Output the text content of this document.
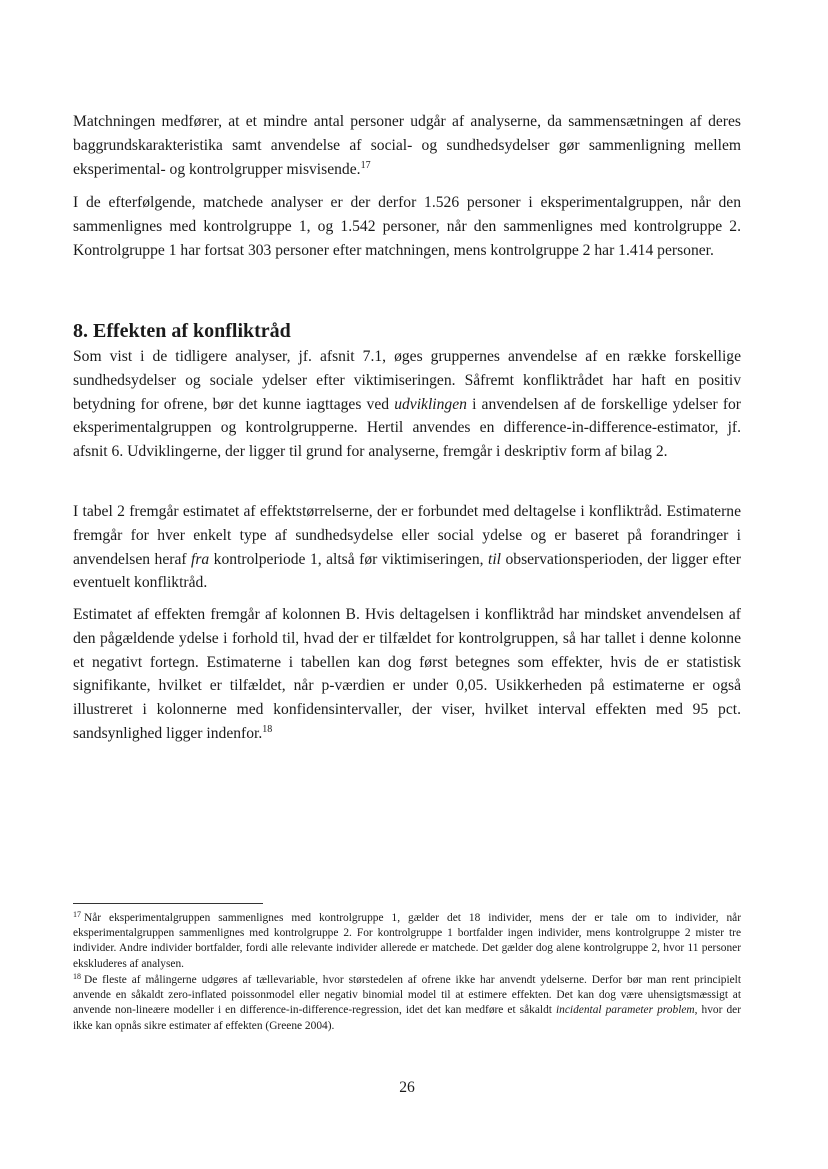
Matchningen medfører, at et mindre antal personer udgår af analyserne, da sammensætningen af deres baggrundskarakteristika samt anvendelse af social- og sundhedsydelser gør sammenligning mellem eksperimental- og kontrolgrupper misvisende.$^{17}$

I de efterfølgende, matchede analyser er der derfor 1.526 personer i eksperimentalgruppen, når den sammenlignes med kontrolgruppe 1, og 1.542 personer, når den sammenlignes med kontrolgruppe 2. Kontrolgruppe 1 har fortsat 303 personer efter matchningen, mens kontrolgruppe 2 har 1.414 personer.

8. Effekten af konfliktråd

Som vist i de tidligere analyser, jf. afsnit 7.1, øges gruppernes anvendelse af en række forskellige sundhedsydelser og sociale ydelser efter viktimiseringen. Såfremt konfliktrådet har haft en positiv betydning for ofrene, bør det kunne iagttages ved udviklingen i anvendelsen af de forskellige ydelser for eksperimentalgruppen og kontrolgrupperne. Hertil anvendes en difference-in-difference-estimator, jf. afsnit 6. Udviklingerne, der ligger til grund for analyserne, fremgår i deskriptiv form af bilag 2.

I tabel 2 fremgår estimatet af effektstørrelserne, der er forbundet med deltagelse i konfliktråd. Estimaterne fremgår for hver enkelt type af sundhedsydelse eller social ydelse og er baseret på forandringer i anvendelsen heraf fra kontrolperiode 1, altså før viktimiseringen, til observationsperioden, der ligger efter eventuelt konfliktråd.

Estimatet af effekten fremgår af kolonnen B. Hvis deltagelsen i konfliktråd har mindsket anvendelsen af den pågældende ydelse i forhold til, hvad der er tilfældet for kontrolgruppen, så har tallet i denne kolonne et negativt fortegn. Estimaterne i tabellen kan dog først betegnes som effekter, hvis de er statistisk signifikante, hvilket er tilfældet, når p-værdien er under 0,05. Usikkerheden på estimaterne er også illustreret i kolonnerne med konfidensintervaller, der viser, hvilket interval effekten med 95 pct. sandsynlighed ligger indenfor.$^{18}$

$^{17}$ Når eksperimentalgruppen sammenlignes med kontrolgruppe 1, gælder det 18 individer, mens der er tale om to individer, når eksperimentalgruppen sammenlignes med kontrolgruppe 2. For kontrolgruppe 1 bortfalder ingen individer, mens kontrolgruppe 2 mister tre individer. Andre individer bortfalder, fordi alle relevante individer allerede er matchede. Det gælder dog alene kontrolgruppe 2, hvor 11 personer ekskluderes af analysen.

$^{18}$ De fleste af målingerne udgøres af tællevariable, hvor størstedelen af ofrene ikke har anvendt ydelserne. Derfor bør man rent principielt anvende en såkaldt zero-inflated poissonmodel eller negativ binomial model til at estimere effekten. Det kan dog være uhensigtsmæssigt at anvende non-lineære modeller i en difference-in-difference-regression, idet det kan medføre et såkaldt incidental parameter problem, hvor der ikke kan opnås sikre estimater af effekten (Greene 2004).

26
